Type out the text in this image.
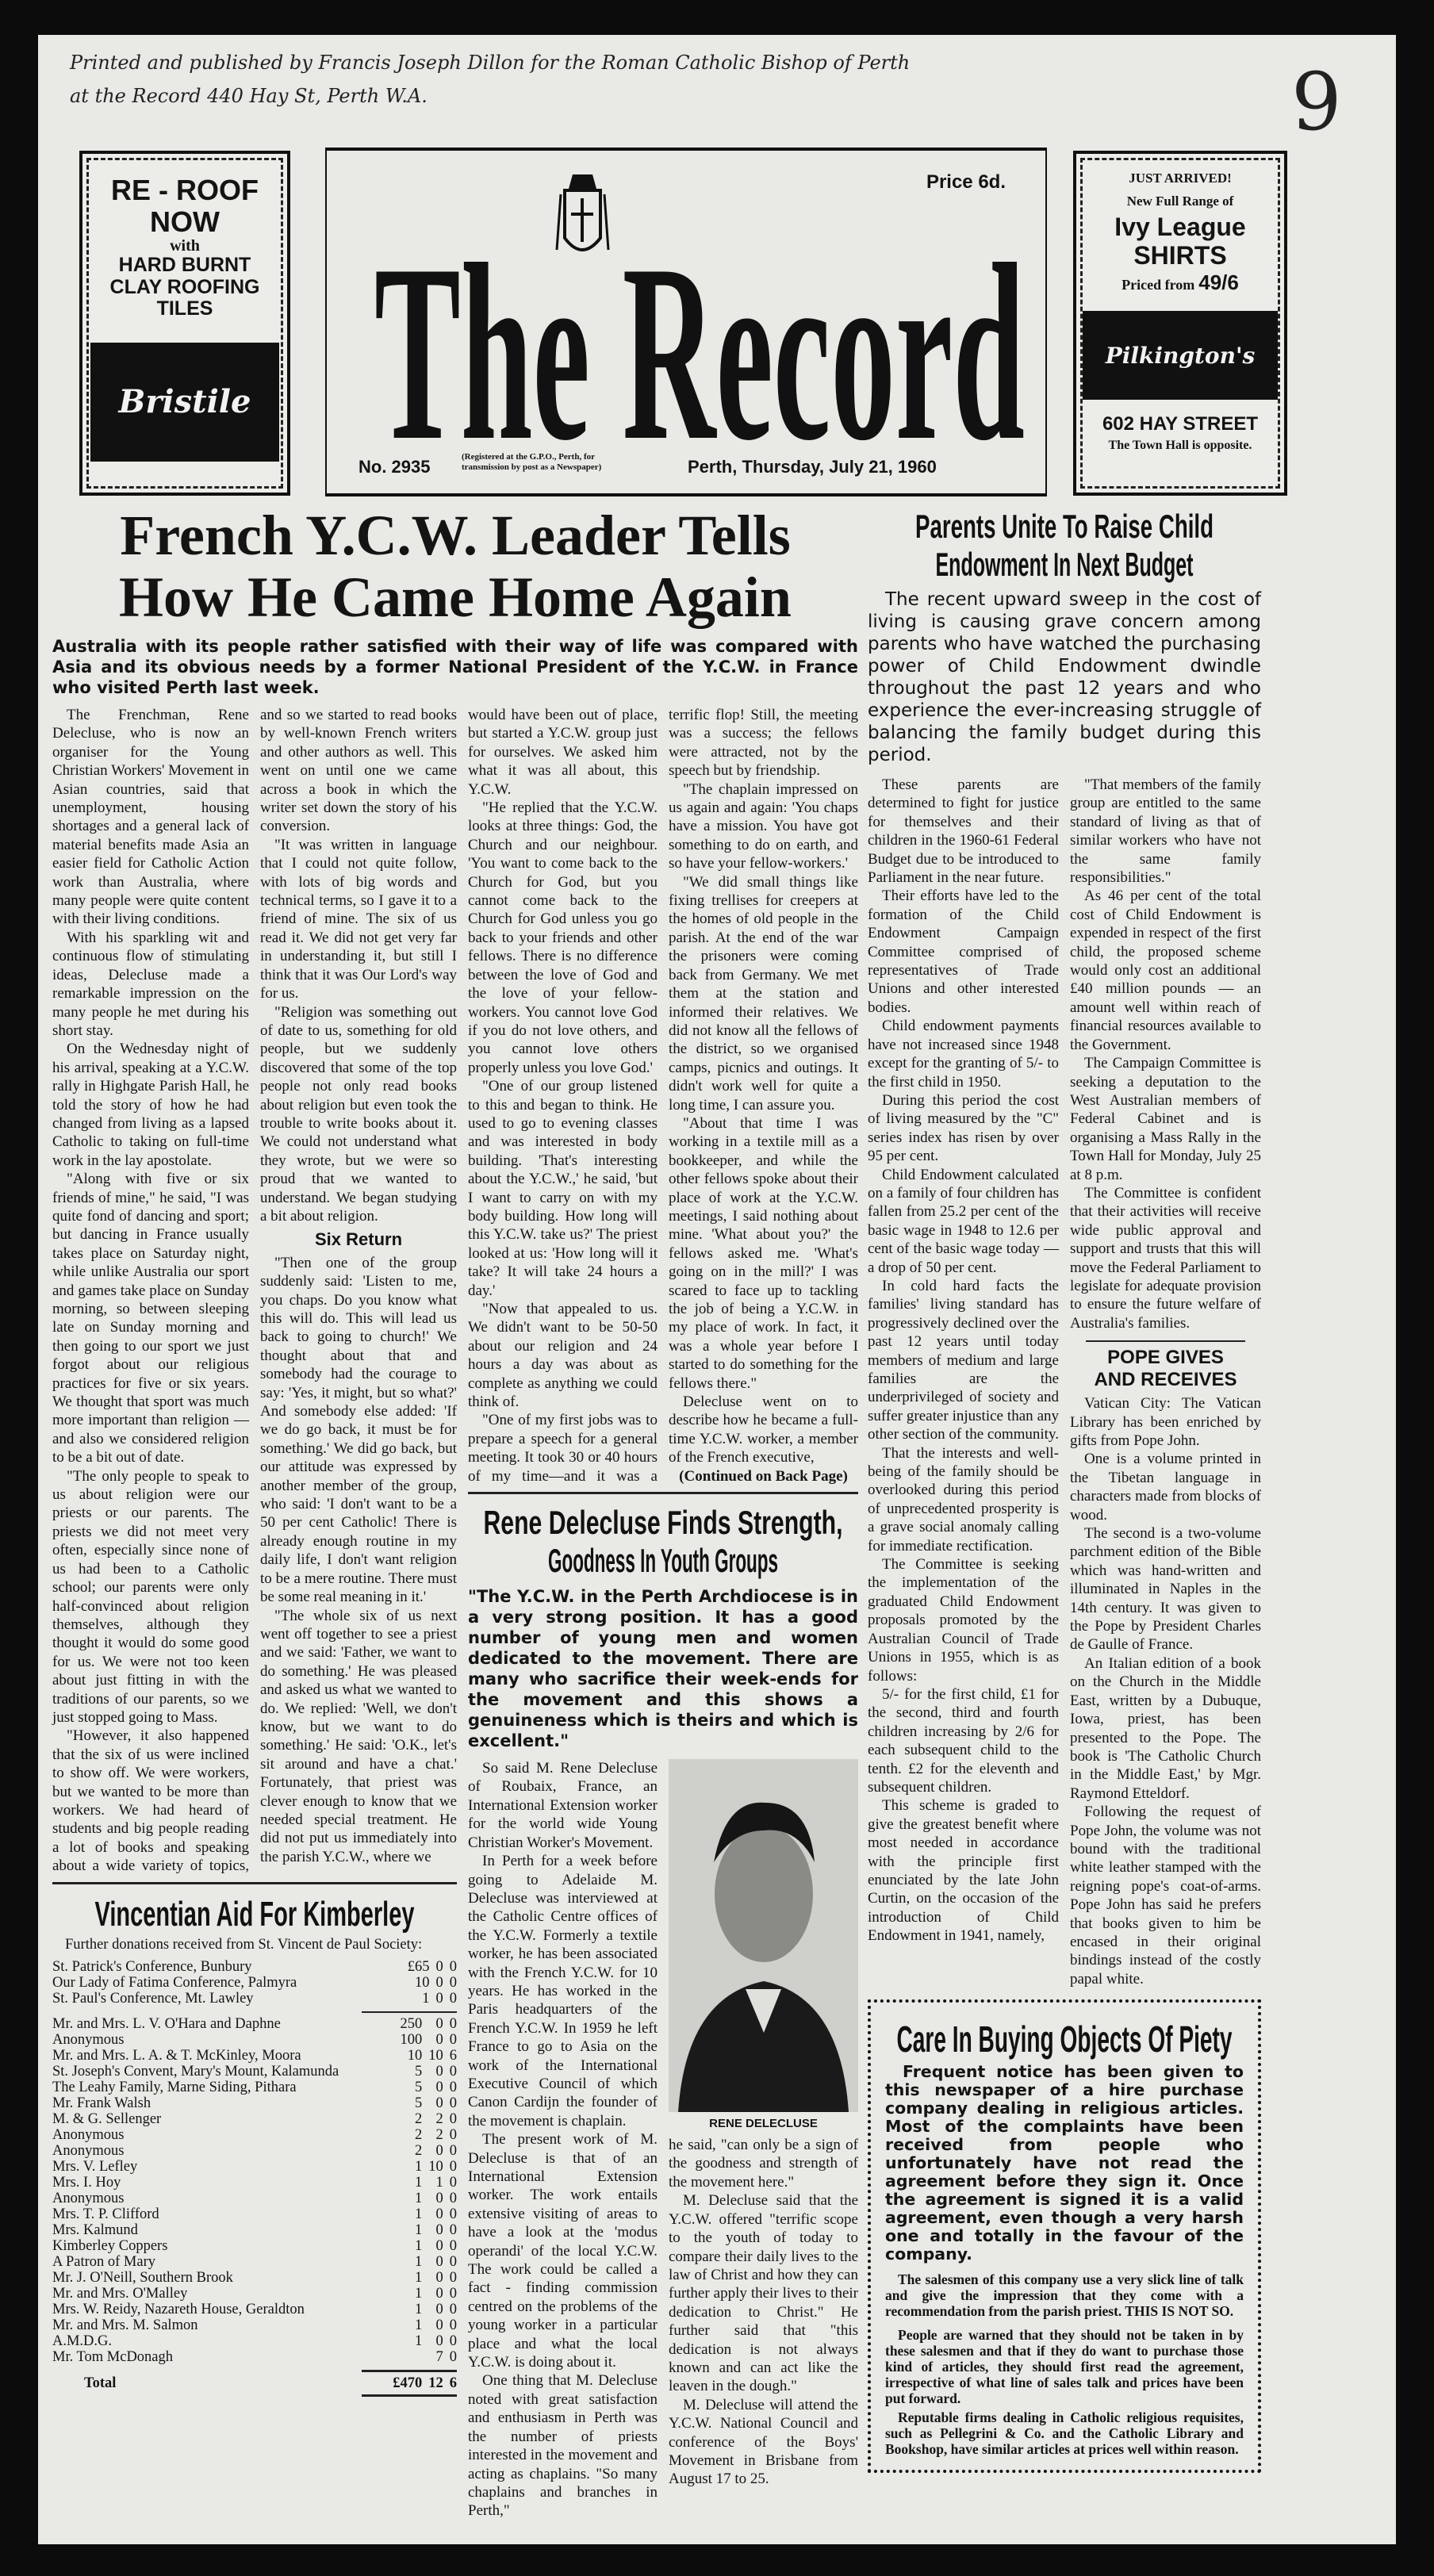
Printed and published by Francis Joseph Dillon for the Roman Catholic Bishop of Perth
at the Record 440 Hay St, Perth W.A.	9
RE - ROOF
NOW
with
HARD BURNT
CLAY ROOFING
TILES
Bristile The Record
Price 6d.
No. 2935	(Registered at the G.P.O., Perth, for transmission by post as a Newspaper)	Perth, Thursday, July 21, 1960
JUST ARRIVED!
New Full Range of
Ivy League
SHIRTS
Priced from 49/6
Pilkington's
602 HAY STREET
The Town Hall is opposite.
French Y.C.W. Leader Tells
How He Came Home Again
Australia with its people rather satisfied with their way of life was compared with Asia and its obvious needs by a former National President of the Y.C.W. in France who visited Perth last week.

The Frenchman, Rene Delecluse, who is now an organiser for the Young Christian Workers' Movement in Asian countries, said that unemployment, housing shortages and a general lack of material benefits made Asia an easier field for Catholic Action work than Australia, where many people were quite content with their living conditions.

With his sparkling wit and continuous flow of stimulating ideas, Delecluse made a remarkable impression on the many people he met during his short stay.

On the Wednesday night of his arrival, speaking at a Y.C.W. rally in Highgate Parish Hall, he told the story of how he had changed from living as a lapsed Catholic to taking on full-time work in the lay apostolate.

"Along with five or six friends of mine," he said, "I was quite fond of dancing and sport; but dancing in France usually takes place on Saturday night, while unlike Australia our sport and games take place on Sunday morning, so between sleeping late on Sunday morning and then going to our sport we just forgot about our religious practices for five or six years. We thought that sport was much more important than religion — and also we considered religion to be a bit out of date.

"The only people to speak to us about religion were our priests or our parents. The priests we did not meet very often, especially since none of us had been to a Catholic school; our parents were only half-convinced about religion themselves, although they thought it would do some good for us. We were not too keen about just fitting in with the traditions of our parents, so we just stopped going to Mass.

"However, it also happened that the six of us were inclined to show off. We were workers, but we wanted to be more than workers. We had heard of students and big people reading a lot of books and speaking about a wide variety of topics, and so we started to read books by well-known French writers and other authors as well. This went on until one we came across a book in which the writer set down the story of his conversion.

"It was written in language that I could not quite follow, with lots of big words and technical terms, so I gave it to a friend of mine. The six of us read it. We did not get very far in understanding it, but still I think that it was Our Lord's way for us.

"Religion was something out of date to us, something for old people, but we suddenly discovered that some of the top people not only read books about religion but even took the trouble to write books about it. We could not understand what they wrote, but we were so proud that we wanted to understand. We began studying a bit about religion.

Six Return

"Then one of the group suddenly said: 'Listen to me, you chaps. Do you know what this will do. This will lead us back to going to church!' We thought about that and somebody had the courage to say: 'Yes, it might, but so what?' And somebody else added: 'If we do go back, it must be for something.' We did go back, but our attitude was expressed by another member of the group, who said: 'I don't want to be a 50 per cent Catholic! There is already enough routine in my daily life, I don't want religion to be a mere routine. There must be some real meaning in it.'

"The whole six of us next went off together to see a priest and we said: 'Father, we want to do something.' He was pleased and asked us what we wanted to do. We replied: 'Well, we don't know, but we want to do something.' He said: 'O.K., let's sit around and have a chat.' Fortunately, that priest was clever enough to know that we needed special treatment. He did not put us immediately into the parish Y.C.W., where we

Vincentian Aid For Kimberley
Further donations received from St. Vincent de Paul Society:
St. Patrick's Conference, Bunbury	£65	0	0
Our Lady of Fatima Conference, Palmyra	10	0	0
St. Paul's Conference, Mt. Lawley	1	0	0
Mr. and Mrs. L. V. O'Hara and Daphne	250	0	0
Anonymous	100	0	0
Mr. and Mrs. L. A. & T. McKinley, Moora	10	10	6
St. Joseph's Convent, Mary's Mount, Kalamunda	5	0	0
The Leahy Family, Marne Siding, Pithara	5	0	0
Mr. Frank Walsh	5	0	0
M. & G. Sellenger	2	2	0
Anonymous	2	2	0
Anonymous	2	0	0
Mrs. V. Lefley	1	10	0
Mrs. I. Hoy	1	1	0
Anonymous	1	0	0
Mrs. T. P. Clifford	1	0	0
Mrs. Kalmund	1	0	0
Kimberley Coppers	1	0	0
A Patron of Mary	1	0	0
Mr. J. O'Neill, Southern Brook	1	0	0
Mr. and Mrs. O'Malley	1	0	0
Mrs. W. Reidy, Nazareth House, Geraldton	1	0	0
Mr. and Mrs. M. Salmon	1	0	0
A.M.D.G.	1	0	0
Mr. Tom McDonagh		7	0
Total		£470	12	6

would have been out of place, but started a Y.C.W. group just for ourselves. We asked him what it was all about, this Y.C.W.

"He replied that the Y.C.W. looks at three things: God, the Church and our neighbour. 'You want to come back to the Church for God, but you cannot come back to the Church for God unless you go back to your friends and other fellows. There is no difference between the love of God and the love of your fellow-workers. You cannot love God if you do not love others, and you cannot love others properly unless you love God.'

"One of our group listened to this and began to think. He used to go to evening classes and was interested in body building. 'That's interesting about the Y.C.W.,' he said, 'but I want to carry on with my body building. How long will this Y.C.W. take us?' The priest looked at us: 'How long will it take? It will take 24 hours a day.'

"Now that appealed to us. We didn't want to be 50-50 about our religion and 24 hours a day was about as complete as anything we could think of.

"One of my first jobs was to prepare a speech for a general meeting. It took 30 or 40 hours of my time—and it was a terrific flop! Still, the meeting was a success; the fellows were attracted, not by the speech but by friendship.

"The chaplain impressed on us again and again: 'You chaps have a mission. You have got something to do on earth, and so have your fellow-workers.'

"We did small things like fixing trellises for creepers at the homes of old people in the parish. At the end of the war the prisoners were coming back from Germany. We met them at the station and informed their relatives. We did not know all the fellows of the district, so we organised camps, picnics and outings. It didn't work well for quite a long time, I can assure you.

"About that time I was working in a textile mill as a bookkeeper, and while the other fellows spoke about their place of work at the Y.C.W. meetings, I said nothing about mine. 'What about you?' the fellows asked me. 'What's going on in the mill?' I was scared to face up to tackling the job of being a Y.C.W. in my place of work. In fact, it was a whole year before I started to do something for the fellows there."

Delecluse went on to describe how he became a full-time Y.C.W. worker, a member of the French executive,

(Continued on Back Page)

Rene Delecluse Finds Strength,
Goodness In Youth Groups
"The Y.C.W. in the Perth Archdiocese is in a very strong position. It has a good number of young men and women dedicated to the movement. There are many who sacrifice their week-ends for the movement and this shows a genuineness which is theirs and which is excellent."

So said M. Rene Delecluse of Roubaix, France, an International Extension worker for the world wide Young Christian Worker's Movement.

In Perth for a week before going to Adelaide M. Delecluse was interviewed at the Catholic Centre offices of the Y.C.W. Formerly a textile worker, he has been associated with the French Y.C.W. for 10 years. He has worked in the Paris headquarters of the French Y.C.W. In 1959 he left France to go to Asia on the work of the International Executive Council of which Canon Cardijn the founder of the movement is chaplain.

The present work of M. Delecluse is that of an International Extension worker. The work entails extensive visiting of areas to have a look at the 'modus operandi' of the local Y.C.W. The work could be called a fact - finding commission centred on the problems of the young worker in a particular place and what the local Y.C.W. is doing about it.

One thing that M. Delecluse noted with great satisfaction and enthusiasm in Perth was the number of priests interested in the movement and acting as chaplains. "So many chaplains and branches in Perth,"

RENE DELECLUSE

he said, "can only be a sign of the goodness and strength of the movement here."

M. Delecluse said that the Y.C.W. offered "terrific scope to the youth of today to compare their daily lives to the law of Christ and how they can further apply their lives to their dedication to Christ." He further said that "this dedication is not always known and can act like the leaven in the dough."

M. Delecluse will attend the Y.C.W. National Council and conference of the Boys' Movement in Brisbane from August 17 to 25.

Parents Unite To Raise Child
Endowment In Next Budget
The recent upward sweep in the cost of living is causing grave concern among parents who have watched the purchasing power of Child Endowment dwindle throughout the past 12 years and who experience the ever-increasing struggle of balancing the family budget during this period.

These parents are determined to fight for justice for themselves and their children in the 1960-61 Federal Budget due to be introduced to Parliament in the near future.

Their efforts have led to the formation of the Child Endowment Campaign Committee comprised of representatives of Trade Unions and other interested bodies.

Child endowment payments have not increased since 1948 except for the granting of 5/- to the first child in 1950.

During this period the cost of living measured by the "C" series index has risen by over 95 per cent.

Child Endowment calculated on a family of four children has fallen from 25.2 per cent of the basic wage in 1948 to 12.6 per cent of the basic wage today — a drop of 50 per cent.

In cold hard facts the families' living standard has progressively declined over the past 12 years until today members of medium and large families are the underprivileged of society and suffer greater injustice than any other section of the community.

That the interests and well-being of the family should be overlooked during this period of unprecedented prosperity is a grave social anomaly calling for immediate rectification.

The Committee is seeking the implementation of the graduated Child Endowment proposals promoted by the Australian Council of Trade Unions in 1955, which is as follows:

5/- for the first child, £1 for the second, third and fourth children increasing by 2/6 for each subsequent child to the tenth. £2 for the eleventh and subsequent children.

This scheme is graded to give the greatest benefit where most needed in accordance with the principle first enunciated by the late John Curtin, on the occasion of the introduction of Child Endowment in 1941, namely,

"That members of the family group are entitled to the same standard of living as that of similar workers who have not the same family responsibilities."

As 46 per cent of the total cost of Child Endowment is expended in respect of the first child, the proposed scheme would only cost an additional £40 million pounds — an amount well within reach of financial resources available to the Government.

The Campaign Committee is seeking a deputation to the West Australian members of Federal Cabinet and is organising a Mass Rally in the Town Hall for Monday, July 25 at 8 p.m.

The Committee is confident that their activities will receive wide public approval and support and trusts that this will move the Federal Parliament to legislate for adequate provision to ensure the future welfare of Australia's families.

POPE GIVES
AND RECEIVES

Vatican City: The Vatican Library has been enriched by gifts from Pope John.

One is a volume printed in the Tibetan language in characters made from blocks of wood.

The second is a two-volume parchment edition of the Bible which was hand-written and illuminated in Naples in the 14th century. It was given to the Pope by President Charles de Gaulle of France.

An Italian edition of a book on the Church in the Middle East, written by a Dubuque, Iowa, priest, has been presented to the Pope. The book is 'The Catholic Church in the Middle East,' by Mgr. Raymond Etteldorf.

Following the request of Pope John, the volume was not bound with the traditional white leather stamped with the reigning pope's coat-of-arms. Pope John has said he prefers that books given to him be encased in their original bindings instead of the costly papal white.

Care In Buying Objects Of Piety
Frequent notice has been given to this newspaper of a hire purchase company dealing in religious articles. Most of the complaints have been received from people who unfortunately have not read the agreement before they sign it. Once the agreement is signed it is a valid agreement, even though a very harsh one and totally in the favour of the company.
The salesmen of this company use a very slick line of talk and give the impression that they come with a recommendation from the parish priest. THIS IS NOT SO.
People are warned that they should not be taken in by these salesmen and that if they do want to purchase those kind of articles, they should first read the agreement, irrespective of what line of sales talk and prices have been put forward.
Reputable firms dealing in Catholic religious requisites, such as Pellegrini & Co. and the Catholic Library and Bookshop, have similar articles at prices well within reason.
